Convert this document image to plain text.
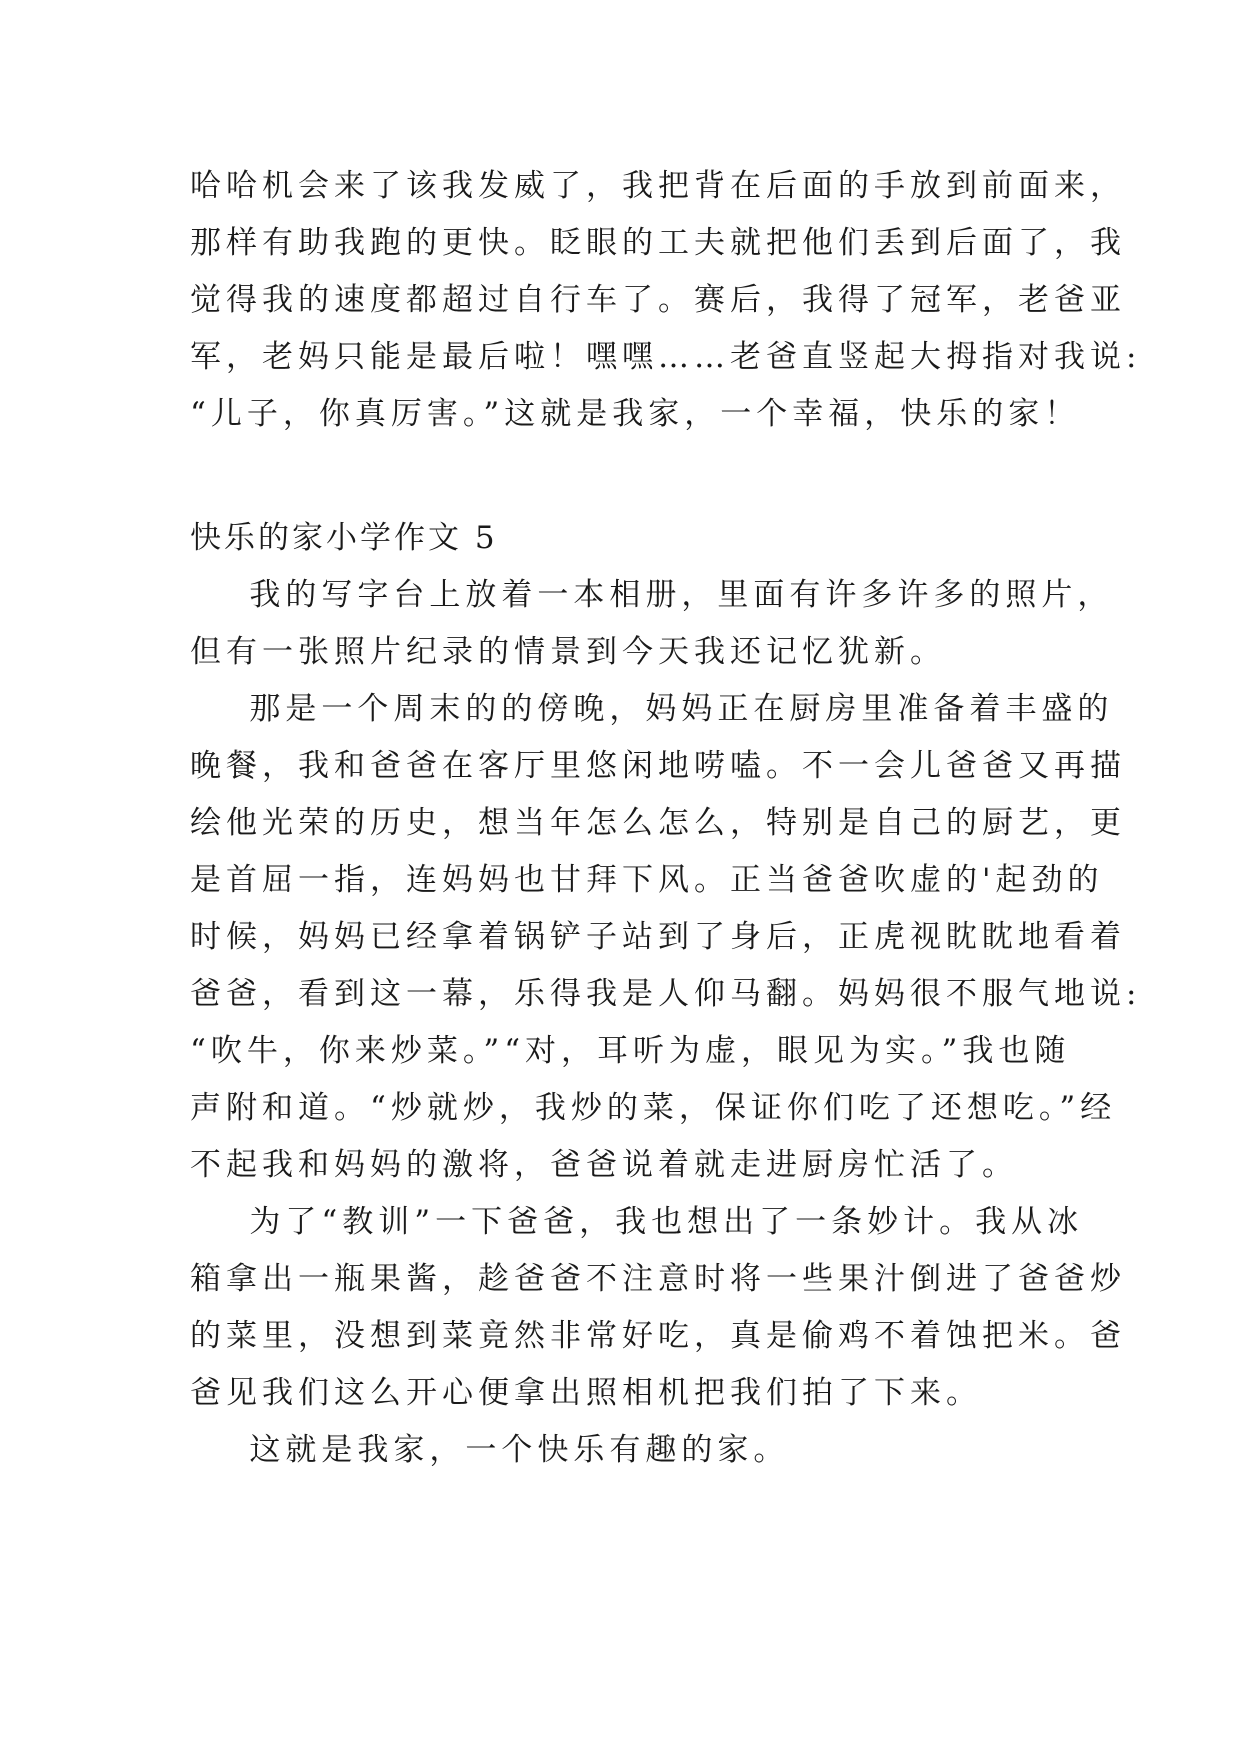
哈哈机会来了该我发威了，我把背在后面的手放到前面来，

那样有助我跑的更快。眨眼的工夫就把他们丢到后面了，我

觉得我的速度都超过自行车了。赛后，我得了冠军，老爸亚

军，老妈只能是最后啦！嘿嘿……老爸直竖起大拇指对我说:

“儿子，你真厉害。”这就是我家，一个幸福，快乐的家！

快乐的家小学作文 5

我的写字台上放着一本相册，里面有许多许多的照片，

但有一张照片纪录的情景到今天我还记忆犹新。

那是一个周末的的傍晚，妈妈正在厨房里准备着丰盛的

晚餐，我和爸爸在客厅里悠闲地唠嗑。不一会儿爸爸又再描

绘他光荣的历史，想当年怎么怎么，特别是自己的厨艺，更

是首屈一指，连妈妈也甘拜下风。正当爸爸吹虚的'起劲的

时候，妈妈已经拿着锅铲子站到了身后，正虎视眈眈地看着

爸爸，看到这一幕，乐得我是人仰马翻。妈妈很不服气地说:

“吹牛，你来炒菜。”“对，耳听为虚，眼见为实。”我也随

声附和道。“炒就炒，我炒的菜，保证你们吃了还想吃。”经

不起我和妈妈的激将，爸爸说着就走进厨房忙活了。

为了“教训”一下爸爸，我也想出了一条妙计。我从冰

箱拿出一瓶果酱，趁爸爸不注意时将一些果汁倒进了爸爸炒

的菜里，没想到菜竟然非常好吃，真是偷鸡不着蚀把米。爸

爸见我们这么开心便拿出照相机把我们拍了下来。

这就是我家，一个快乐有趣的家。
